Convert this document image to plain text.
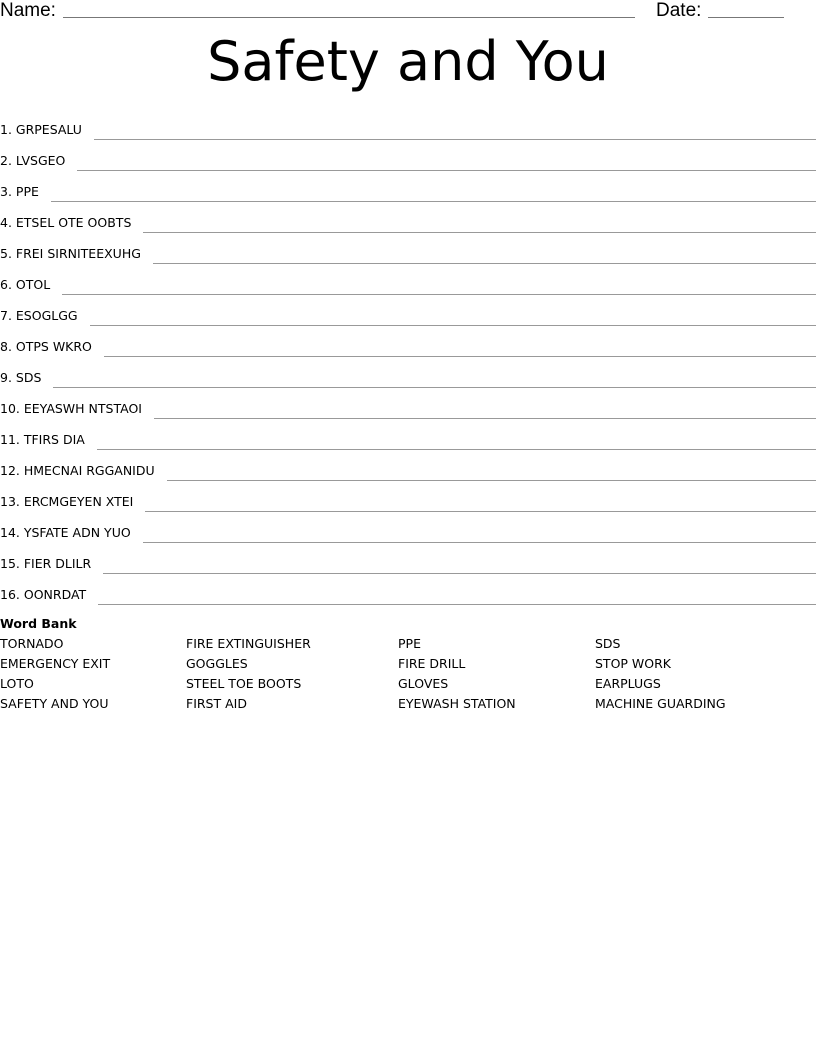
Name:	Date:
Safety and You
1. GRPESALU
2. LVSGEO
3. PPE
4. ETSEL OTE OOBTS
5. FREI SIRNITEEXUHG
6. OTOL
7. ESOGLGG
8. OTPS WKRO
9. SDS
10. EEYASWH NTSTAOI
11. TFIRS DIA
12. HMECNAI RGGANIDU
13. ERCMGEYEN XTEI
14. YSFATE ADN YUO
15. FIER DLILR
16. OONRDAT
Word Bank
TORNADO	FIRE EXTINGUISHER	PPE	SDS
EMERGENCY EXIT	GOGGLES	FIRE DRILL	STOP WORK
LOTO	STEEL TOE BOOTS	GLOVES	EARPLUGS
SAFETY AND YOU	FIRST AID	EYEWASH STATION	MACHINE GUARDING
